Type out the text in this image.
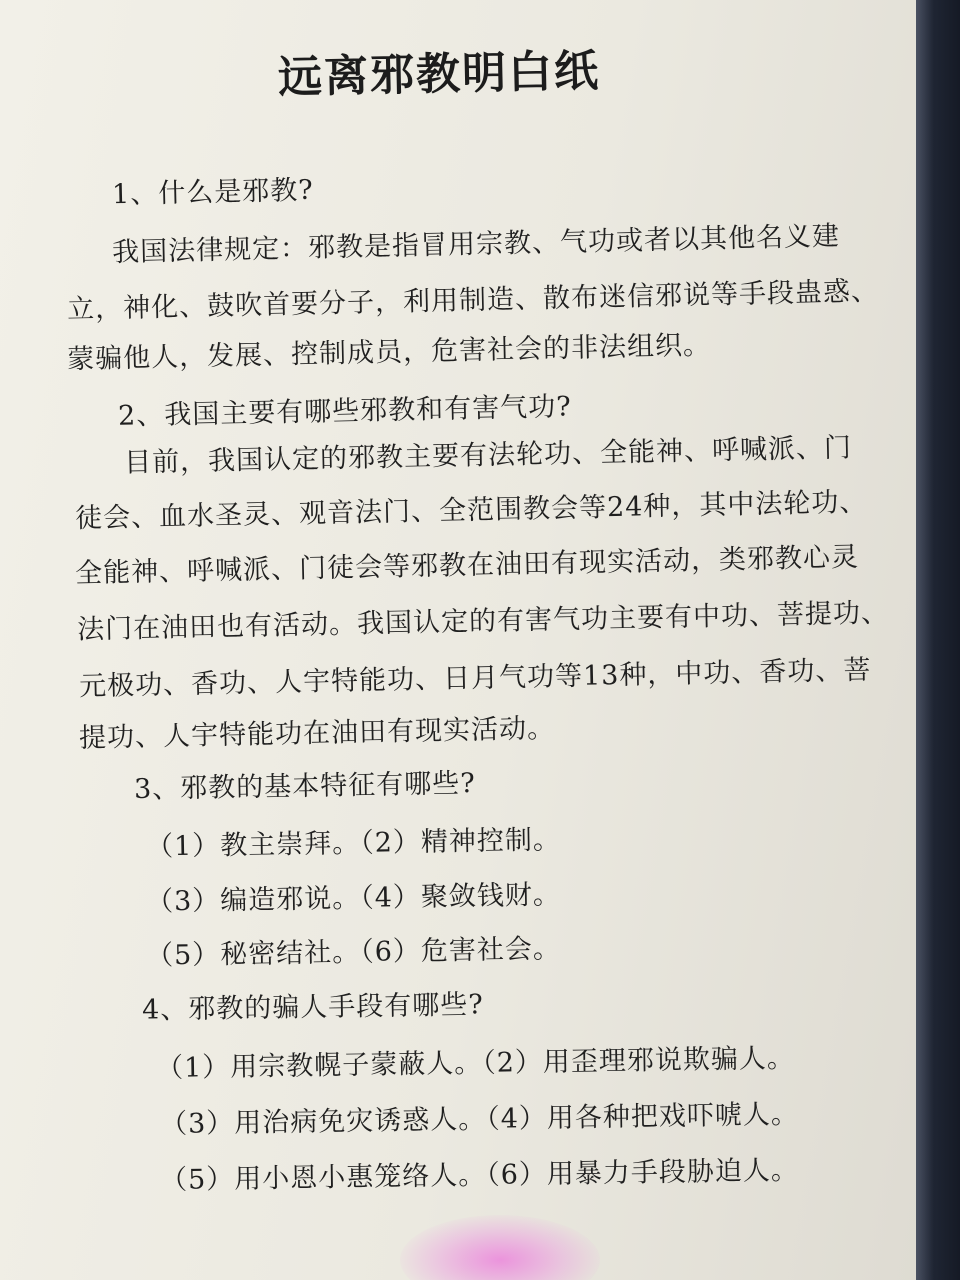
远离邪教明白纸
1、什么是邪教?
我国法律规定：邪教是指冒用宗教、气功或者以其他名义建
立，神化、鼓吹首要分子，利用制造、散布迷信邪说等手段蛊惑、
蒙骗他人，发展、控制成员，危害社会的非法组织。
2、我国主要有哪些邪教和有害气功?
目前，我国认定的邪教主要有法轮功、全能神、呼喊派、门
徒会、血水圣灵、观音法门、全范围教会等24种，其中法轮功、
全能神、呼喊派、门徒会等邪教在油田有现实活动，类邪教心灵
法门在油田也有活动。我国认定的有害气功主要有中功、菩提功、
元极功、香功、人宇特能功、日月气功等13种，中功、香功、菩
提功、人宇特能功在油田有现实活动。
3、邪教的基本特征有哪些?
（1）教主崇拜。（2）精神控制。
（3）编造邪说。（4）聚敛钱财。
（5）秘密结社。（6）危害社会。
4、邪教的骗人手段有哪些?
（1）用宗教幌子蒙蔽人。（2）用歪理邪说欺骗人。
（3）用治病免灾诱惑人。（4）用各种把戏吓唬人。
（5）用小恩小惠笼络人。（6）用暴力手段胁迫人。
